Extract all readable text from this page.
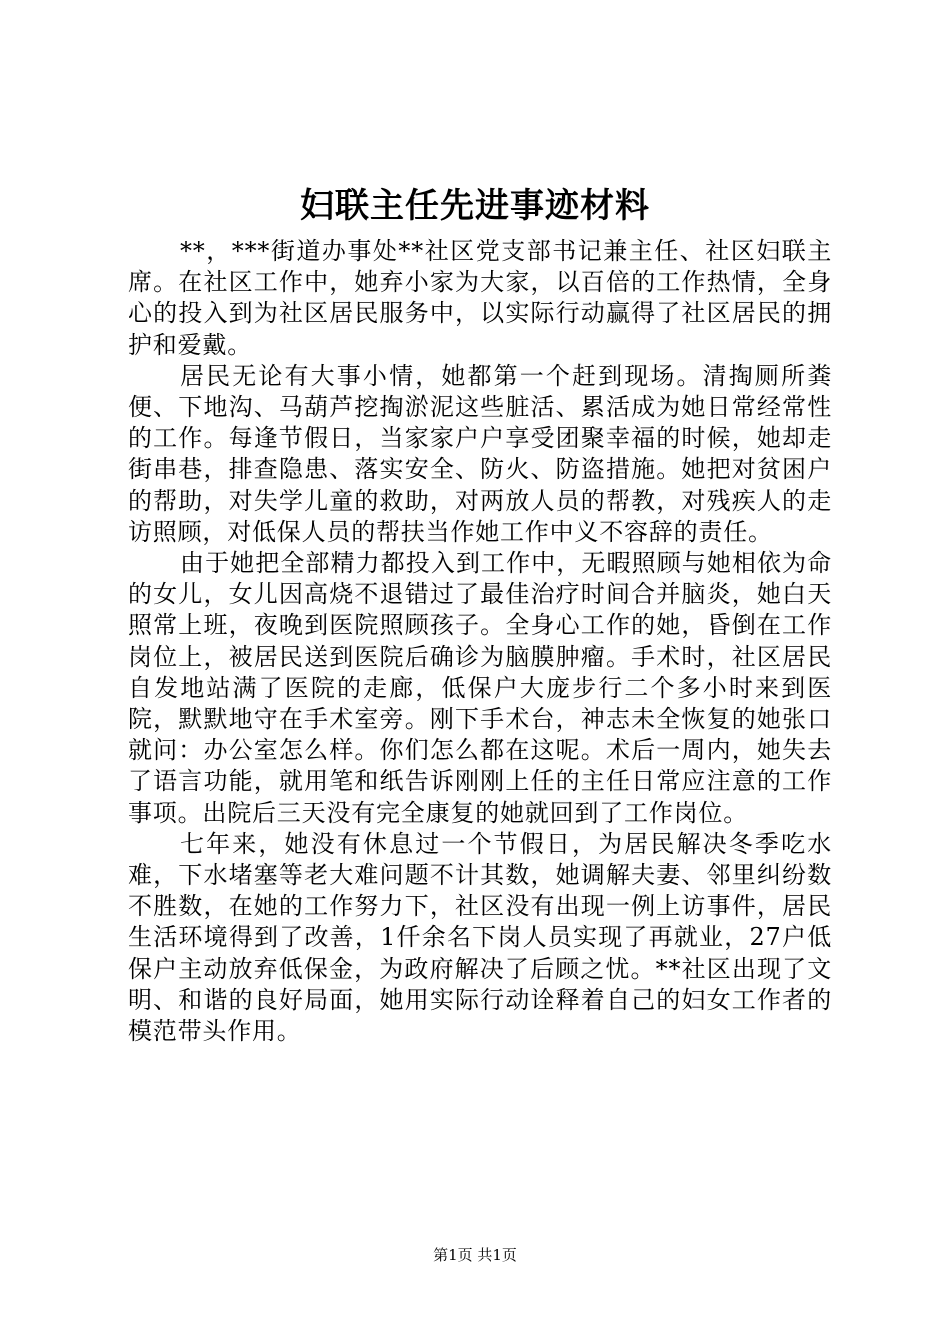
妇联主任先进事迹材料

**，***街道办事处**社区党支部书记兼主任、社区妇联主席。在社区工作中，她弃小家为大家，以百倍的工作热情，全身心的投入到为社区居民服务中，以实际行动赢得了社区居民的拥护和爱戴。

居民无论有大事小情，她都第一个赶到现场。清掏厕所粪便、下地沟、马葫芦挖掏淤泥这些脏活、累活成为她日常经常性的工作。每逢节假日，当家家户户享受团聚幸福的时候，她却走街串巷，排查隐患、落实安全、防火、防盗措施。她把对贫困户的帮助，对失学儿童的救助，对两放人员的帮教，对残疾人的走访照顾，对低保人员的帮扶当作她工作中义不容辞的责任。

由于她把全部精力都投入到工作中，无暇照顾与她相依为命的女儿，女儿因高烧不退错过了最佳治疗时间合并脑炎，她白天照常上班，夜晚到医院照顾孩子。全身心工作的她，昏倒在工作岗位上，被居民送到医院后确诊为脑膜肿瘤。手术时，社区居民自发地站满了医院的走廊，低保户大庞步行二个多小时来到医院，默默地守在手术室旁。刚下手术台，神志未全恢复的她张口就问：办公室怎么样。你们怎么都在这呢。术后一周内，她失去了语言功能，就用笔和纸告诉刚刚上任的主任日常应注意的工作事项。出院后三天没有完全康复的她就回到了工作岗位。

七年来，她没有休息过一个节假日，为居民解决冬季吃水难，下水堵塞等老大难问题不计其数，她调解夫妻、邻里纠纷数不胜数，在她的工作努力下，社区没有出现一例上访事件，居民生活环境得到了改善，1仟余名下岗人员实现了再就业，27户低保户主动放弃低保金，为政府解决了后顾之忧。**社区出现了文明、和谐的良好局面，她用实际行动诠释着自己的妇女工作者的模范带头作用。

第1页 共1页
